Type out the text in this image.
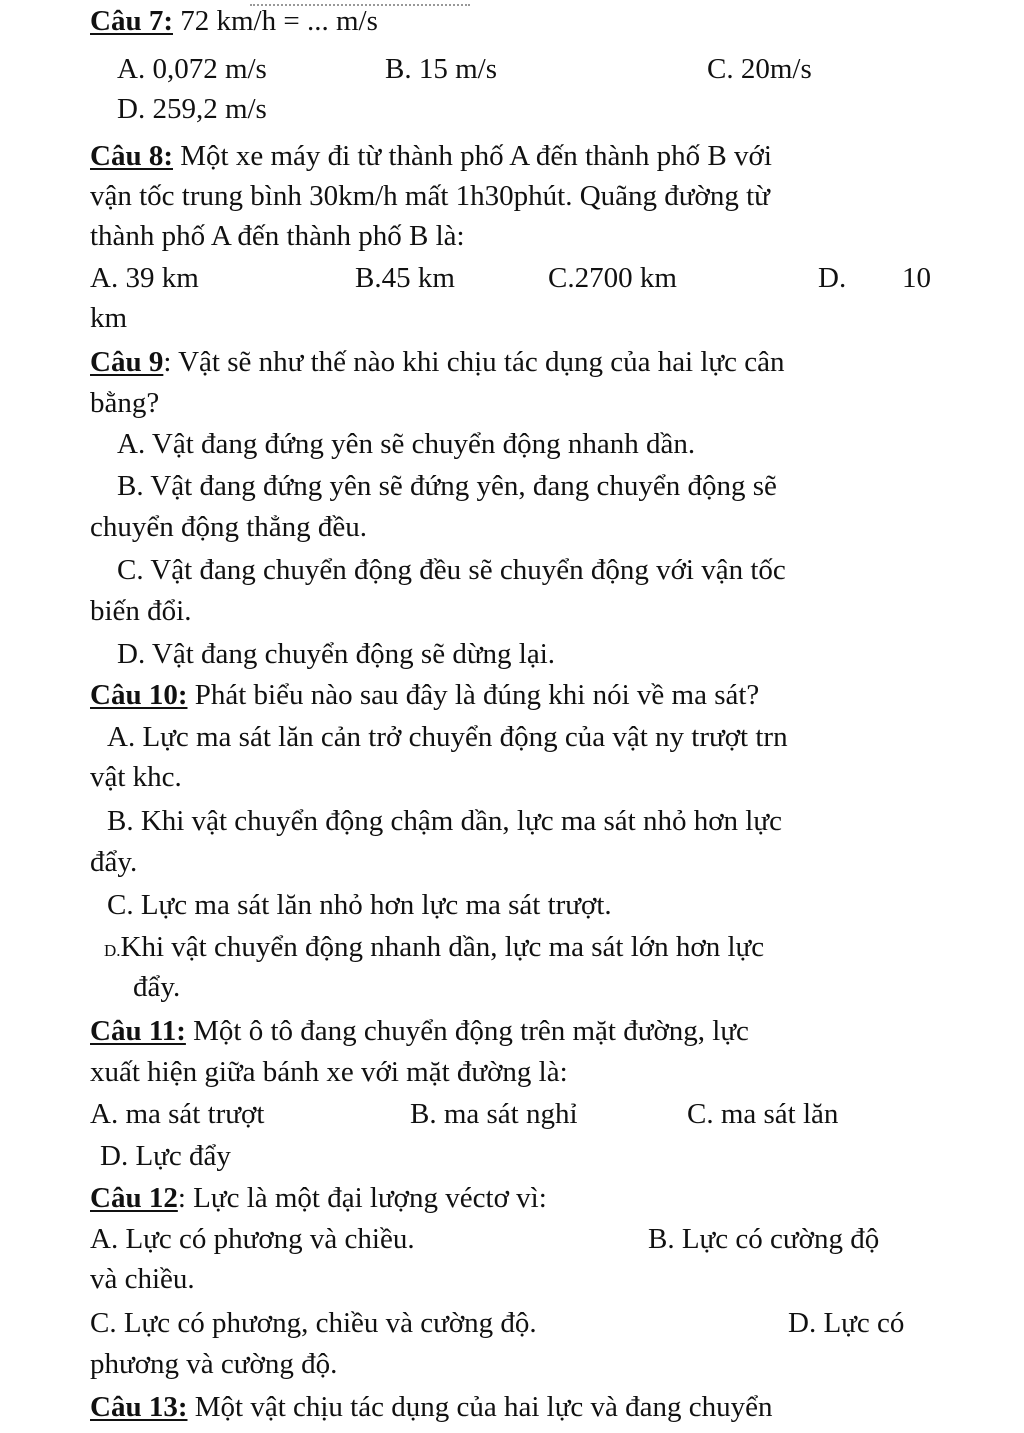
Câu 7: 72 km/h = ... m/s
A. 0,072 m/s	B. 15 m/s	C. 20m/s
D. 259,2 m/s
Câu 8: Một xe máy đi từ thành phố A đến thành phố B với
vận tốc trung bình 30km/h mất 1h30phút. Quãng đường từ
thành phố A đến thành phố B là:
A. 39 km	B.45 km	C.2700 km	D. 10
km
Câu 9: Vật sẽ như thế nào khi chịu tác dụng của hai lực cân
bằng?
A. Vật đang đứng yên sẽ chuyển động nhanh dần.
B. Vật đang đứng yên sẽ đứng yên, đang chuyển động sẽ
chuyển động thẳng đều.
C. Vật đang chuyển động đều sẽ chuyển động với vận tốc
biến đổi.
D. Vật đang chuyển động sẽ dừng lại.
Câu 10: Phát biểu nào sau đây là đúng khi nói về ma sát?
A. Lực ma sát lăn cản trở chuyển động của vật ny trượt trn
vật khc.
B. Khi vật chuyển động chậm dần, lực ma sát nhỏ hơn lực
đẩy.
C. Lực ma sát lăn nhỏ hơn lực ma sát trượt.
D.Khi vật chuyển động nhanh dần, lực ma sát lớn hơn lực
đẩy.
Câu 11: Một ô tô đang chuyển động trên mặt đường, lực
xuất hiện giữa bánh xe với mặt đường là:
A. ma sát trượt	B. ma sát nghỉ	C. ma sát lăn
D. Lực đẩy
Câu 12: Lực là một đại lượng véctơ vì:
A. Lực có phương và chiều.	B. Lực có cường độ
và chiều.
C. Lực có phương, chiều và cường độ.	D. Lực có
phương và cường độ.
Câu 13: Một vật chịu tác dụng của hai lực và đang chuyển
